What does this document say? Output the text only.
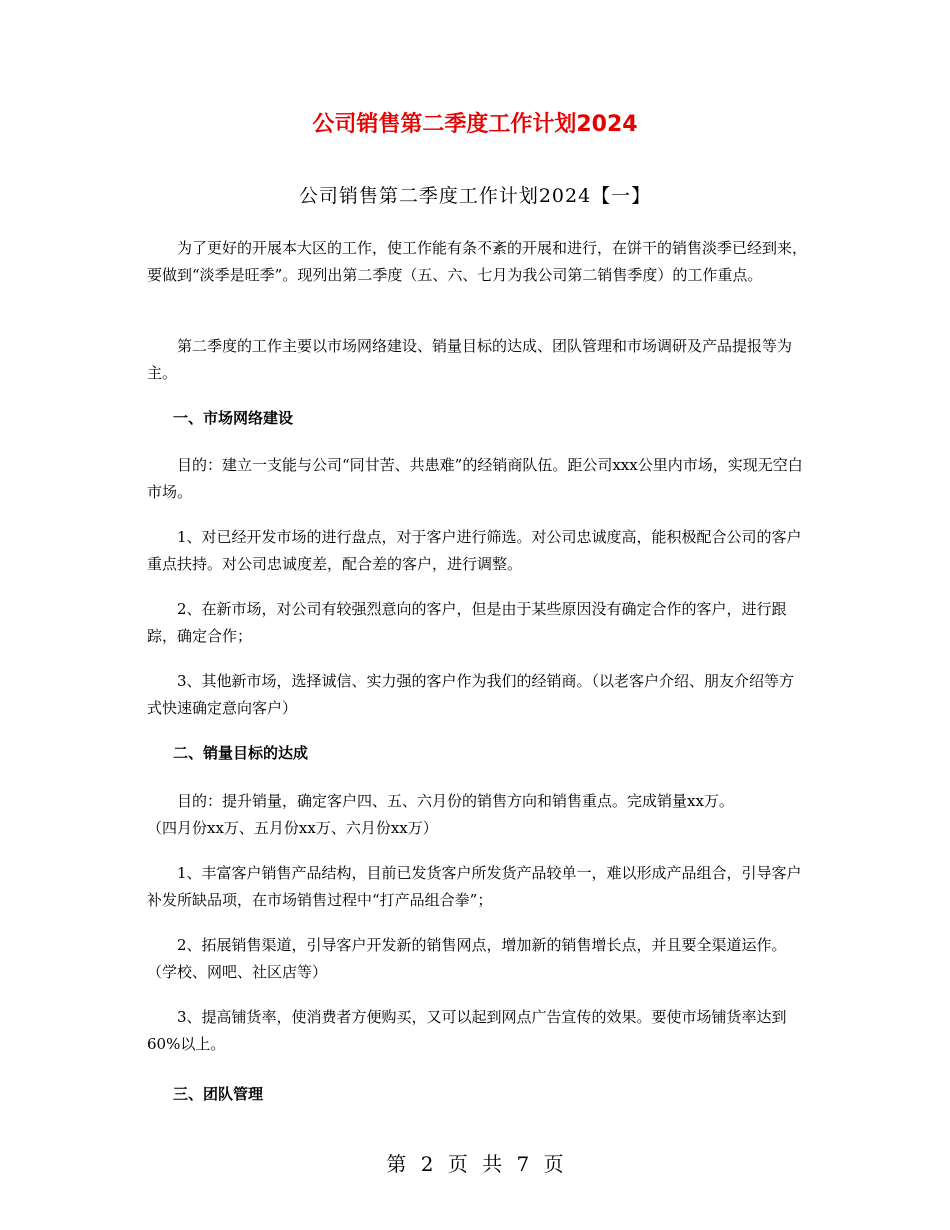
公司销售第二季度工作计划2024
公司销售第二季度工作计划2024【一】
为了更好的开展本大区的工作，使工作能有条不紊的开展和进行，在饼干的销售淡季已经到来，要做到“淡季是旺季”。现列出第二季度（五、六、七月为我公司第二销售季度）的工作重点。
第二季度的工作主要以市场网络建设、销量目标的达成、团队管理和市场调研及产品提报等为主。
一、市场网络建设
目的：建立一支能与公司“同甘苦、共患难”的经销商队伍。距公司xxx公里内市场，实现无空白市场。
1、对已经开发市场的进行盘点，对于客户进行筛选。对公司忠诚度高，能积极配合公司的客户重点扶持。对公司忠诚度差，配合差的客户，进行调整。
2、在新市场，对公司有较强烈意向的客户，但是由于某些原因没有确定合作的客户，进行跟踪，确定合作；
3、其他新市场，选择诚信、实力强的客户作为我们的经销商。（以老客户介绍、朋友介绍等方式快速确定意向客户）
二、销量目标的达成
目的：提升销量，确定客户四、五、六月份的销售方向和销售重点。完成销量xx万。
（四月份xx万、五月份xx万、六月份xx万）
1、丰富客户销售产品结构，目前已发货客户所发货产品较单一，难以形成产品组合，引导客户补发所缺品项，在市场销售过程中“打产品组合拳”；
2、拓展销售渠道，引导客户开发新的销售网点，增加新的销售增长点，并且要全渠道运作。（学校、网吧、社区店等）
3、提高铺货率，使消费者方便购买，又可以起到网点广告宣传的效果。要使市场铺货率达到60%以上。
三、团队管理
第 2 页 共 7 页
